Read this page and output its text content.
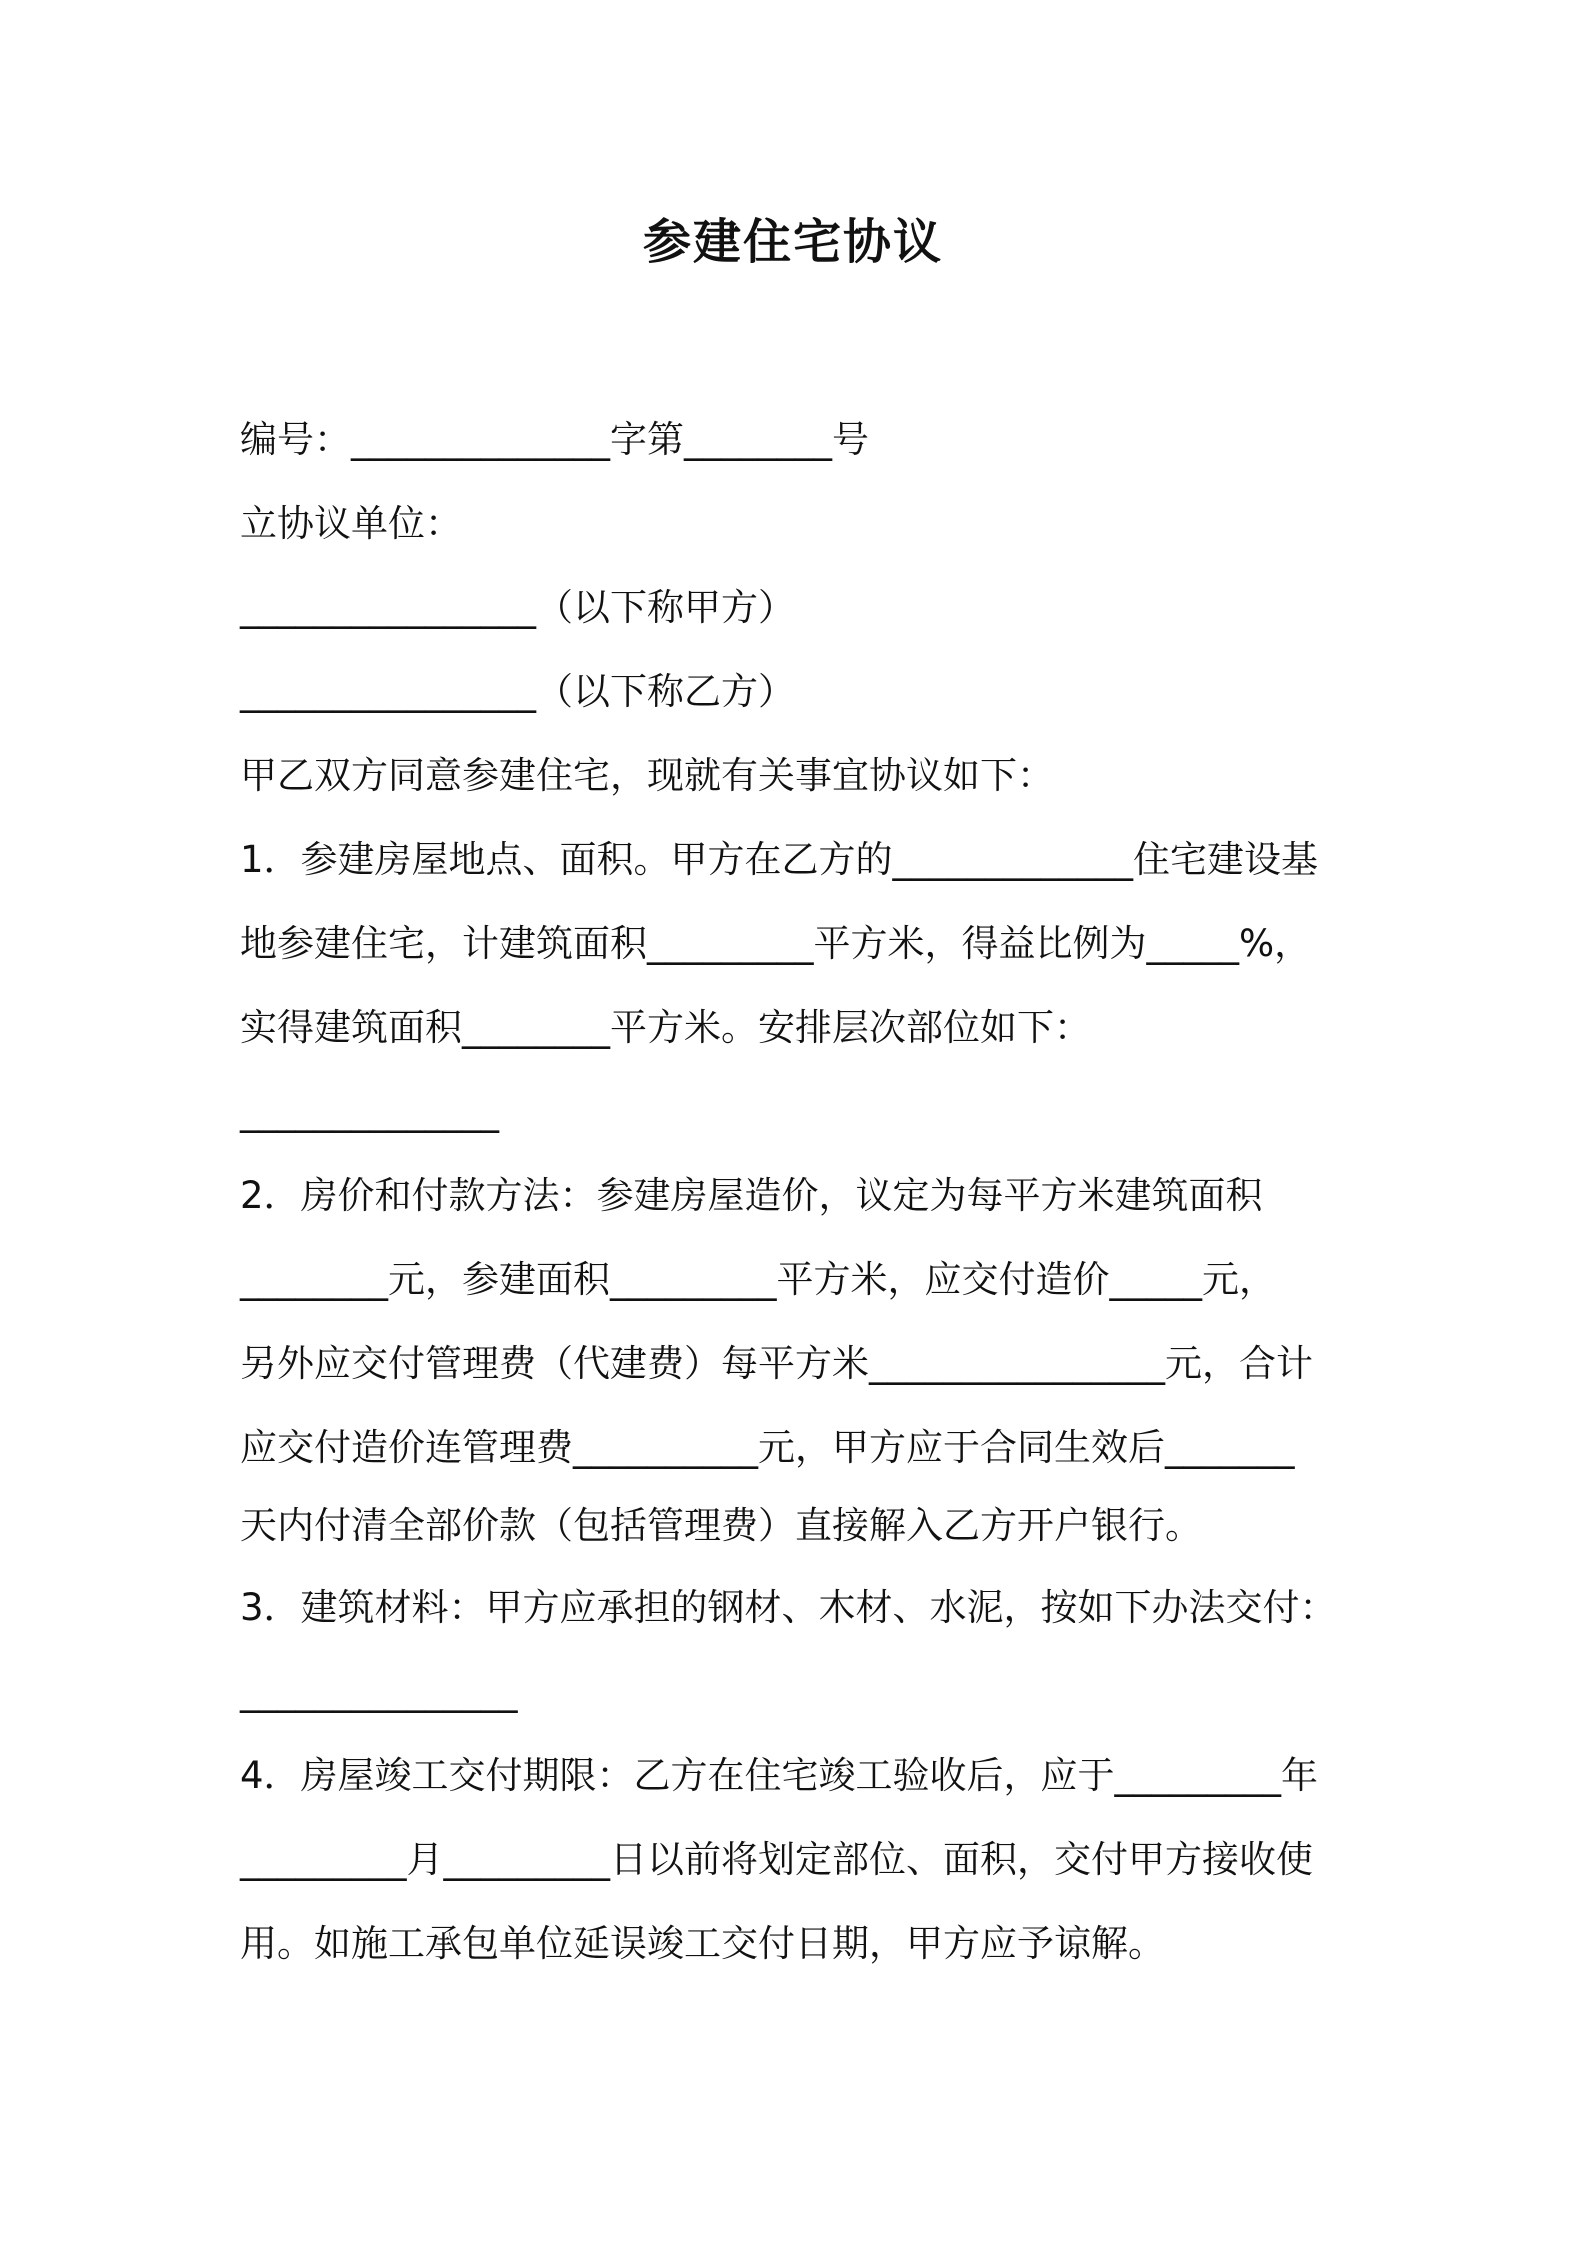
参建住宅协议
编号：______________字第________号
立协议单位：
________________（以下称甲方）
________________（以下称乙方）
甲乙双方同意参建住宅，现就有关事宜协议如下：
1．参建房屋地点、面积。甲方在乙方的_____________住宅建设基
地参建住宅，计建筑面积_________平方米，得益比例为_____%，
实得建筑面积________平方米。安排层次部位如下：
______________
2．房价和付款方法：参建房屋造价，议定为每平方米建筑面积
________元，参建面积_________平方米，应交付造价_____元，
另外应交付管理费（代建费）每平方米________________元，合计
应交付造价连管理费__________元，甲方应于合同生效后_______
天内付清全部价款（包括管理费）直接解入乙方开户银行。
3．建筑材料：甲方应承担的钢材、木材、水泥，按如下办法交付：
_______________
4．房屋竣工交付期限：乙方在住宅竣工验收后，应于_________年
_________月_________日以前将划定部位、面积，交付甲方接收使
用。如施工承包单位延误竣工交付日期，甲方应予谅解。
